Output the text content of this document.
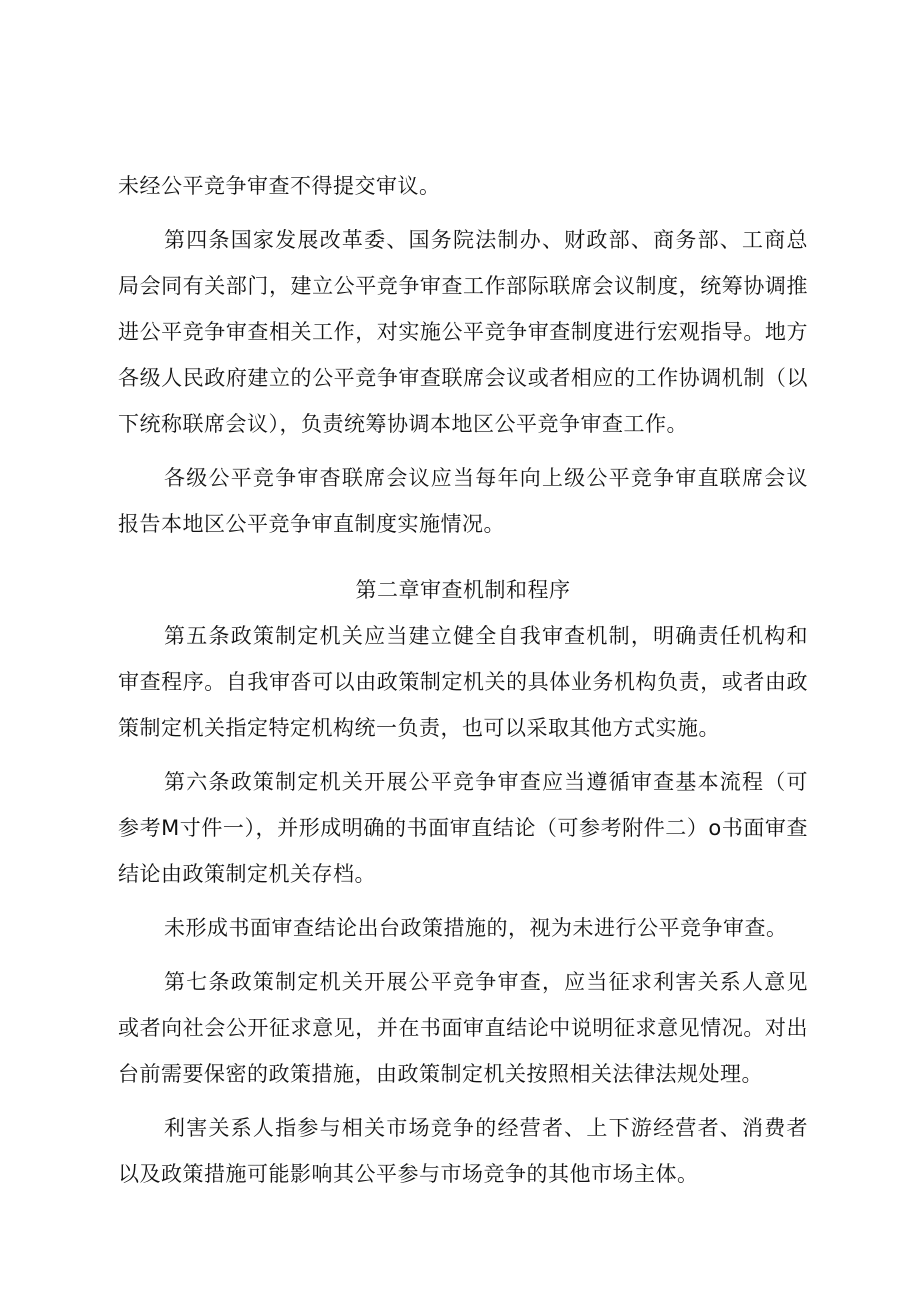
未经公平竞争审查不得提交审议。

第四条国家发展改革委、国务院法制办、财政部、商务部、工商总局会同有关部门，建立公平竞争审查工作部际联席会议制度，统筹协调推进公平竞争审查相关工作，对实施公平竞争审查制度进行宏观指导。地方各级人民政府建立的公平竞争审查联席会议或者相应的工作协调机制（以下统称联席会议），负责统筹协调本地区公平竞争审查工作。

各级公平竞争审杳联席会议应当每年向上级公平竞争审直联席会议报告本地区公平竞争审直制度实施情况。

第二章审查机制和程序

第五条政策制定机关应当建立健全自我审查机制，明确责任机构和审查程序。自我审沓可以由政策制定机关的具体业务机构负责，或者由政策制定机关指定特定机构统一负责，也可以采取其他方式实施。

第六条政策制定机关开展公平竞争审查应当遵循审查基本流程（可参考M寸件一），并形成明确的书面审直结论（可参考附件二）o书面审查结论由政策制定机关存档。

未形成书面审查结论出台政策措施的，视为未进行公平竞争审查。

第七条政策制定机关开展公平竞争审查，应当征求利害关系人意见或者向社会公开征求意见，并在书面审直结论中说明征求意见情况。对出台前需要保密的政策措施，由政策制定机关按照相关法律法规处理。

利害关系人指参与相关市场竞争的经营者、上下游经营者、消费者以及政策措施可能影响其公平参与市场竞争的其他市场主体。
